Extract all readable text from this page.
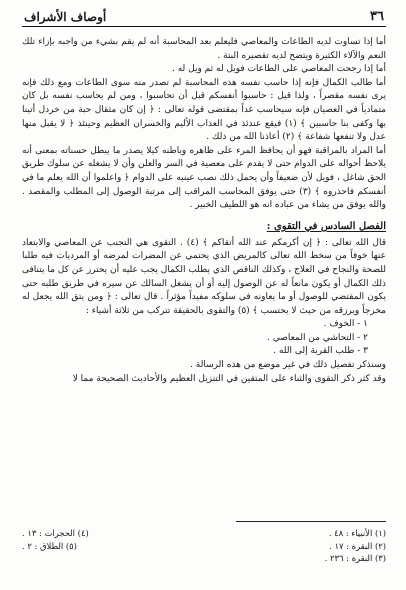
٣٦
أوصاف الأشراف

أما إذا تساوت لديه الطاعات والمعاصي فليعلم بعد المحاسبة أنه لم يقم بشيء من واجبه بإزاء تلك النعم والآلاء الكثيرة ويتضح لديه تقصيره البتة .

أما إذا رجحت المعاصي على الطاعات فويل له ثم ويل له .

أما طالب الكمال فإنه إذا حاسب نفسه هذه المحاسبة لم تصدر منه سوى الطاعات ومع ذلك فإنه يرى نفسه مقصراً ، ولذا قيل : حاسبوا أنفسكم قبل أن تحاسبوا ، ومن لم يحاسب نفسه بل كان متمادياً في العصيان فإنه سيحاسب غداً بمقتضى قوله تعالى : ﴿ إن كان مثقال حبة من خردل أتينا بها وكفى بنا حاسبين ﴾ (١) فيقع عندئذ في العذاب الأليم والخسران العظيم وحينئذ ﴿ لا يقبل منها عدل ولا تنفعها شفاعة ﴾ (٢) أعاذنا الله من ذلك .

أما المراد بالمراقبة فهو أن يحافظ المرء على ظاهره وباطنه كيلا يصدر ما يبطل حسناته بمعنى أنه يلاحظ أحواله على الدوام حتى لا يقدم على معصية في السر والعلن وأن لا يشغله عن سلوك طريق الحق شاغل ، فويل لأن ضعيفاً وأن يحمل ذلك نصب عينيه على الدوام ﴿ واعلموا أن الله يعلم ما في أنفسكم فاحذروه ﴾ (٣) حتى يوفق المحاسب المراقب إلى مرتبة الوصول إلى المطلب والمقصد . والله يوفق من يشاء من عباده انه هو اللطيف الخبير .

الفصل السادس في التقوى :

قال الله تعالى : ﴿ إن أكرمكم عند الله أتقاكم ﴾ (٤) . التقوى هي التجنب عن المعاصي والابتعاد عنها خوفاً من سخط الله تعالى كالمريض الذي يحتمي عن المضرات لمرضه أو المرديات فيه طلبا للصحة والنجاح في العلاج ، وكذلك الناقص الذي يطلب الكمال يجب عليه أن يحترز عن كل ما يتنافى ذلك الكمال أو يكون مانعاً له عن الوصول إليه أو أن يشغل السالك عن سيره في طريق طلبه حتى يكون المقتضي للوصول أو ما يعاونه في سلوكه مفيداً مؤثراً . قال تعالى : ﴿ ومن يتق الله يجعل له مخرجاً ويرزقه من حيث لا يحتسب ﴾ (٥) والتقوى بالحقيقة تتركب من ثلاثة أشياء :

١ - الخوف .
٢ - التحاشي من المعاصي .
٣ - طلب القربة إلى الله .

وسنذكر تفصيل ذلك في غير موضع من هذه الرسالة .

وقد كثر ذكر التقوى والثناء على المتقين في التنزيل العظيم والأحاديث الصحيحة مما لا

(١) الأنبياء : ٤٨ .
(٢) البقرة : ١٧ .
(٣) البقرة : ٢٣٦ .
(٤) الحجرات : ١٣ .
(٥) الطلاق : ٢ .
